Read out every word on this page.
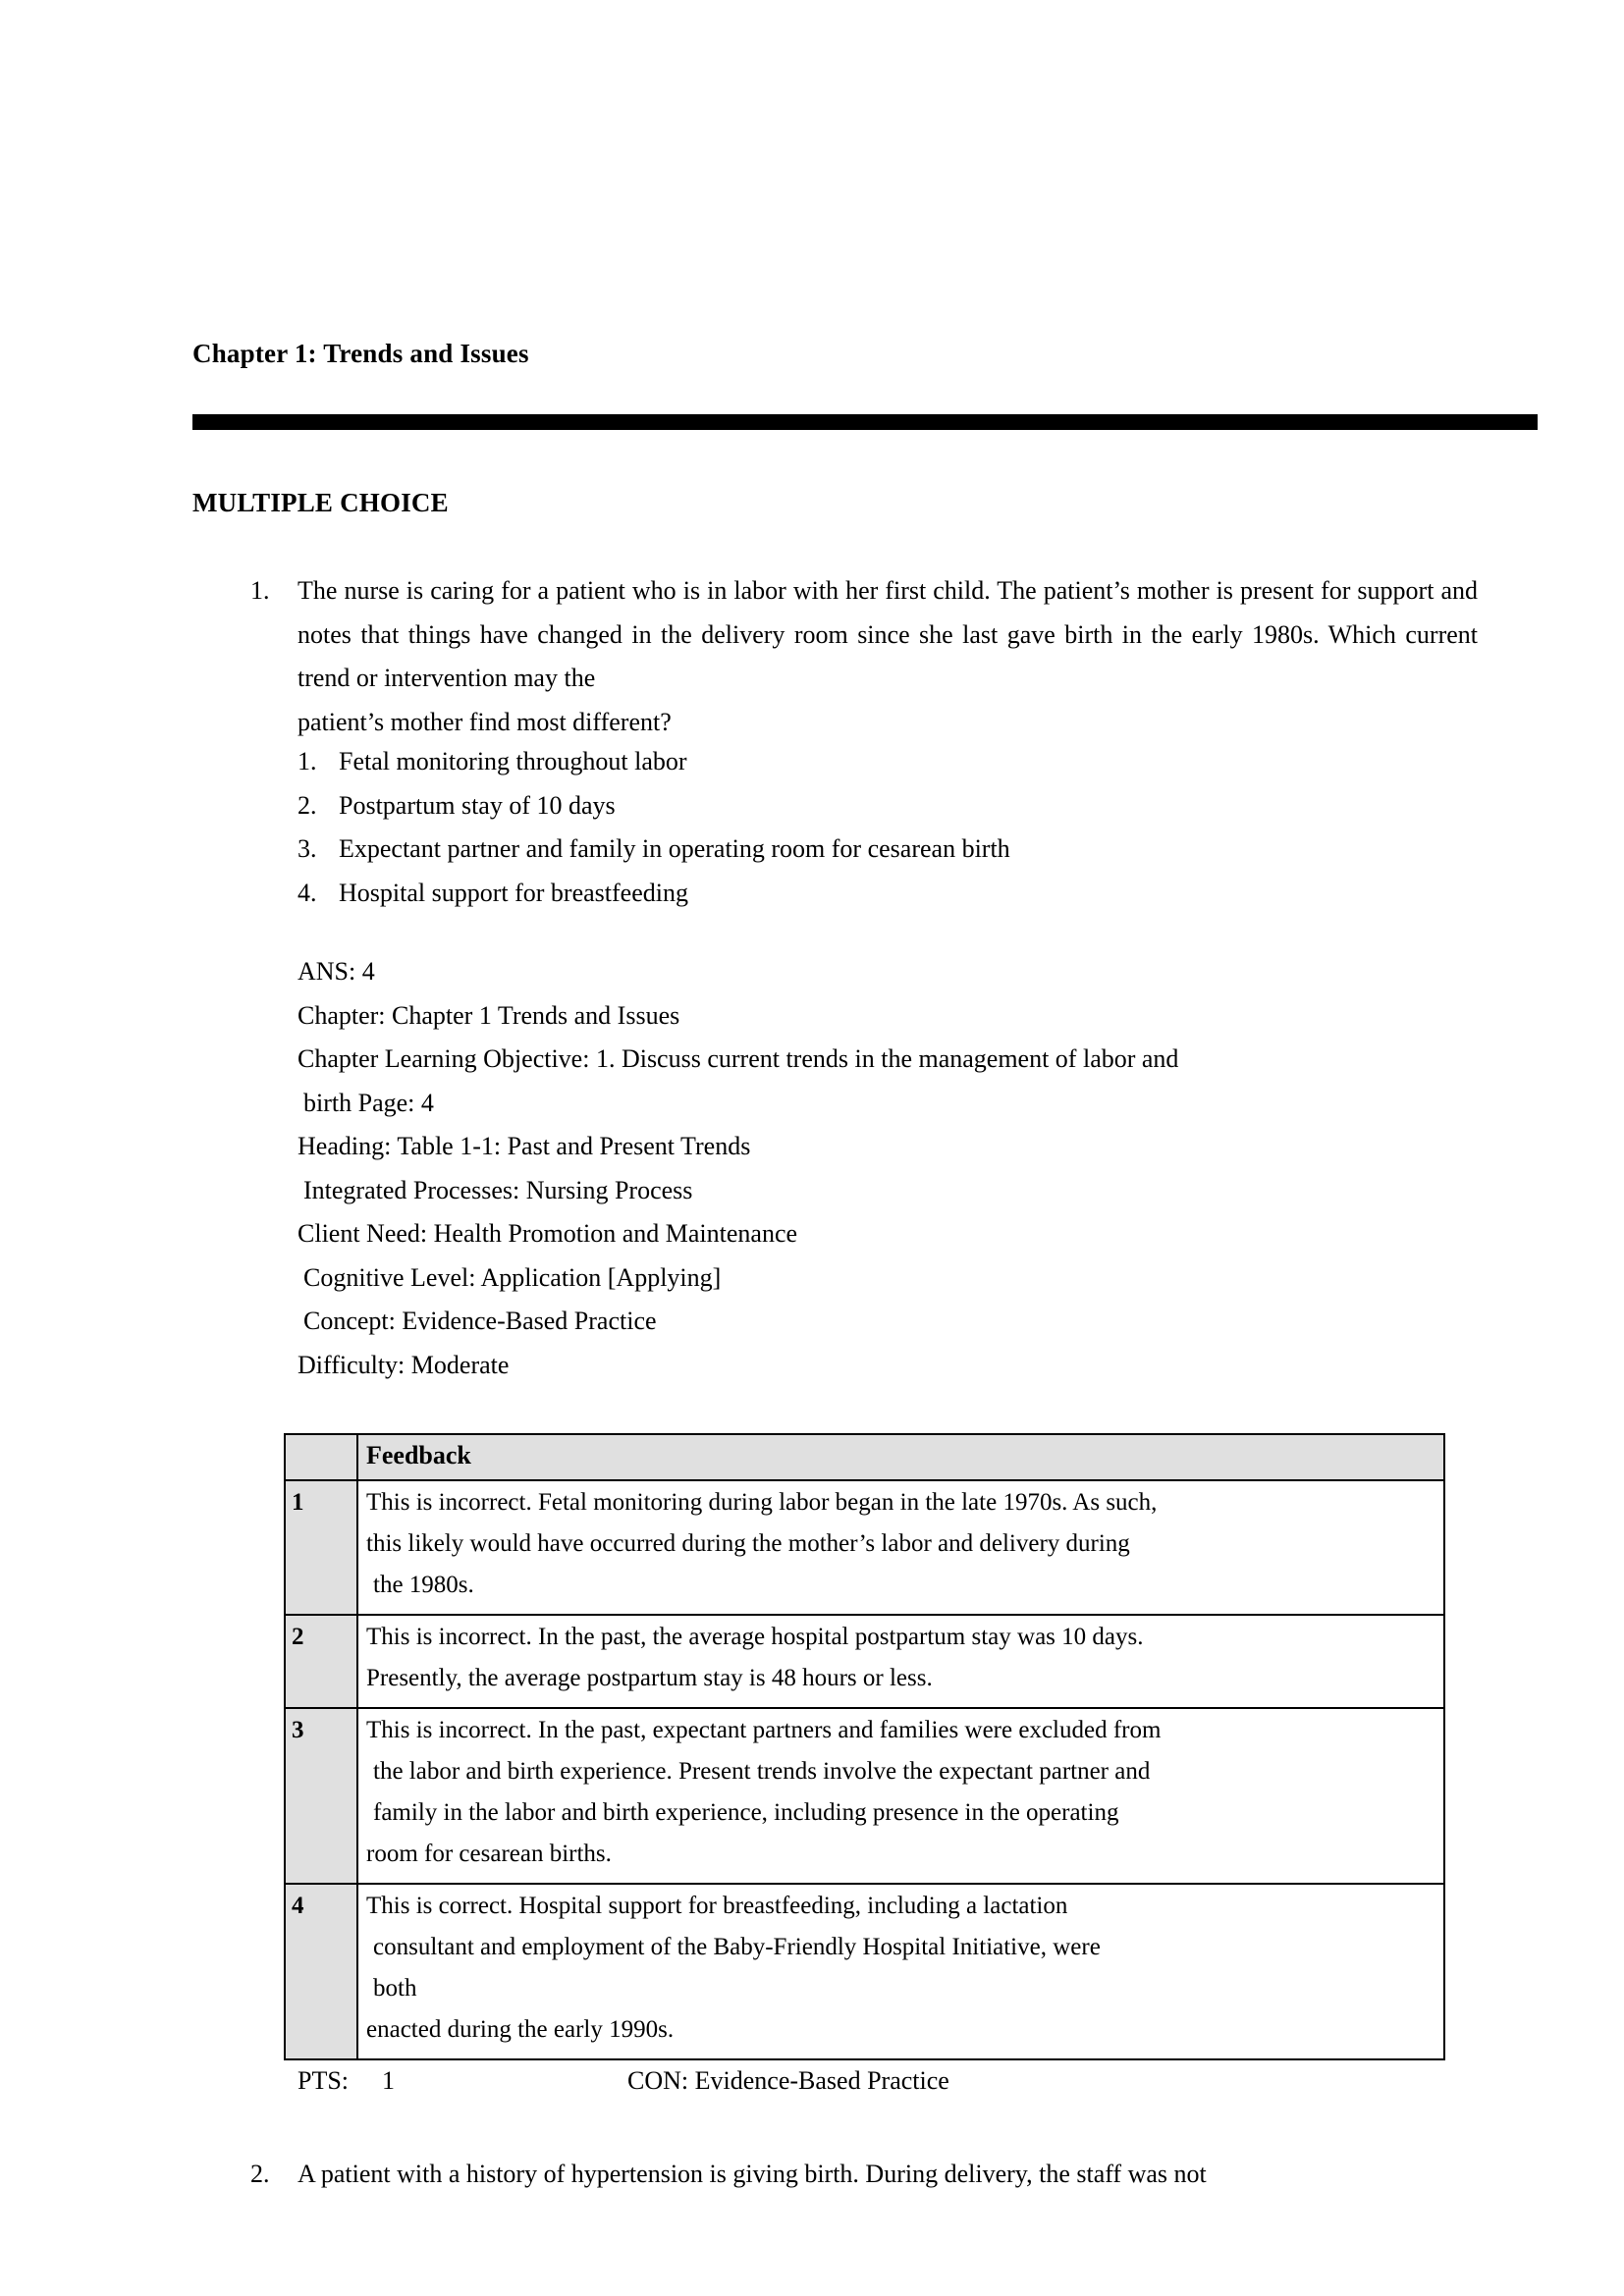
Chapter 1: Trends and Issues
MULTIPLE CHOICE
1.	The nurse is caring for a patient who is in labor with her first child. The patient’s mother is present for support and notes that things have changed in the delivery room since she last gave birth in the early 1980s. Which current trend or intervention may the
patient’s mother find most different?
1. Fetal monitoring throughout labor
2. Postpartum stay of 10 days
3. Expectant partner and family in operating room for cesarean birth
4. Hospital support for breastfeeding
ANS: 4
Chapter: Chapter 1 Trends and Issues
Chapter Learning Objective: 1. Discuss current trends in the management of labor and
birth Page: 4
Heading: Table 1-1: Past and Present Trends
Integrated Processes: Nursing Process
Client Need: Health Promotion and Maintenance
Cognitive Level: Application [Applying]
Concept: Evidence-Based Practice
Difficulty: Moderate
	Feedback
1	This is incorrect. Fetal monitoring during labor began in the late 1970s. As such,
this likely would have occurred during the mother’s labor and delivery during
the 1980s.

2	This is incorrect. In the past, the average hospital postpartum stay was 10 days.
Presently, the average postpartum stay is 48 hours or less.

3	This is incorrect. In the past, expectant partners and families were excluded from
the labor and birth experience. Present trends involve the expectant partner and
family in the labor and birth experience, including presence in the operating
room for cesarean births.

4	This is correct. Hospital support for breastfeeding, including a lactation
consultant and employment of the Baby-Friendly Hospital Initiative, were
both
enacted during the early 1990s.
PTS: 1	CON: Evidence-Based Practice
2.	A patient with a history of hypertension is giving birth. During delivery, the staff was not
